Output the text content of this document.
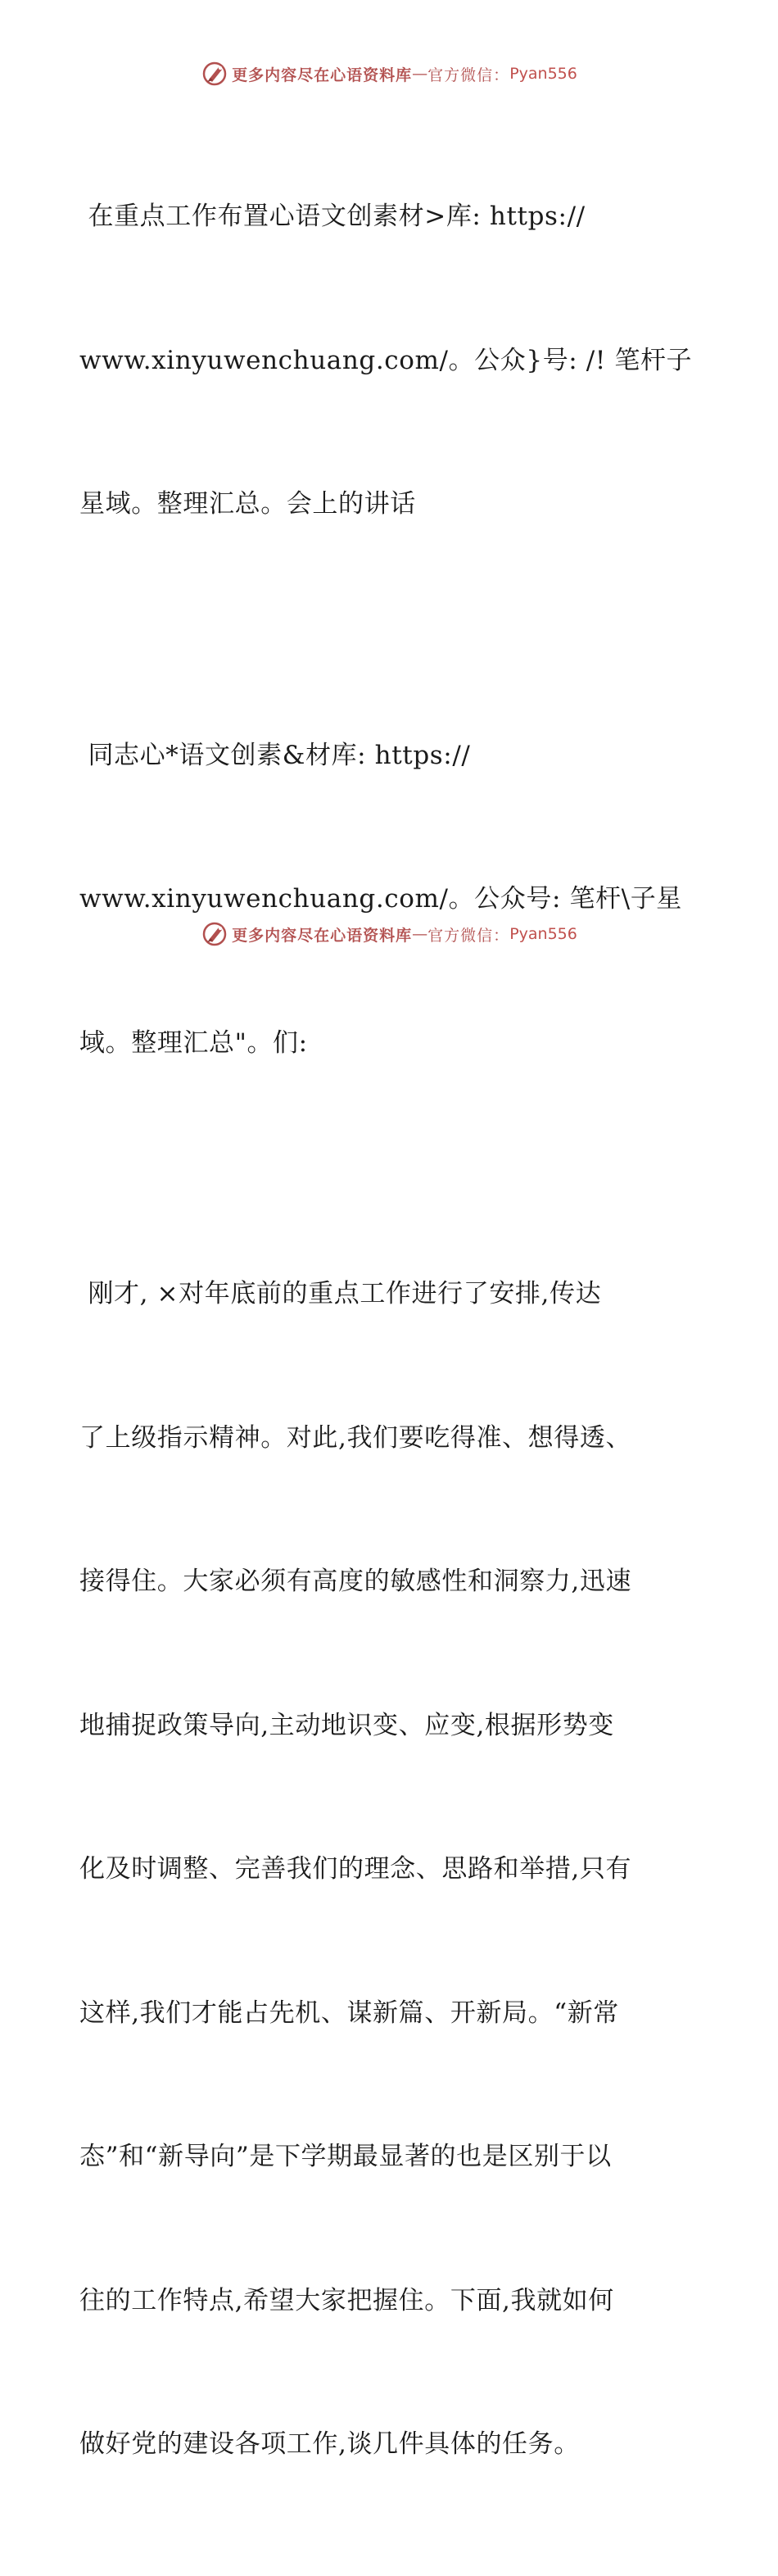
更多内容尽在心语资料库 — 官方微信： Pyan556

在重点工作布置心语文创素材>库: https://

www.xinyuwenchuang.com/。公众}号: /! 笔杆子

星域。整理汇总。会上的讲话

同志心*语文创素&材库: https://

www.xinyuwenchuang.com/。公众号: 笔杆\子星

域。整理汇总"。们:

刚才, ×对年底前的重点工作进行了安排,传达

了上级指示精神。对此,我们要吃得准、想得透、

接得住。大家必须有高度的敏感性和洞察力,迅速

地捕捉政策导向,主动地识变、应变,根据形势变

化及时调整、完善我们的理念、思路和举措,只有

这样,我们才能占先机、谋新篇、开新局。“新常

态”和“新导向”是下学期最显著的也是区别于以

往的工作特点,希望大家把握住。下面,我就如何

做好党的建设各项工作,谈几件具体的任务。

更多内容尽在心语资料库 — 官方微信： Pyan556
